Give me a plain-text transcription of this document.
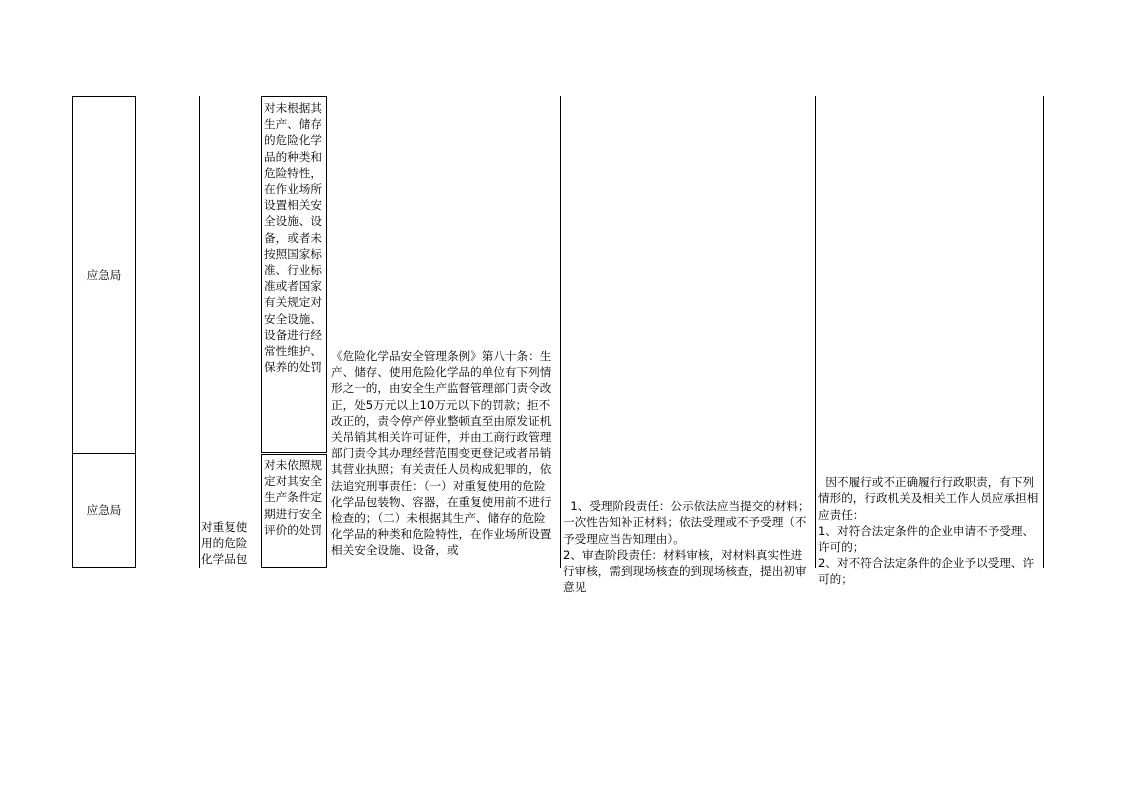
应急局
应急局
对未根据其生产、储存的危险化学品的种类和危险特性，在作业场所设置相关安全设施、设备，或者未按照国家标准、行业标准或者国家有关规定对安全设施、设备进行经常性维护、保养的处罚
对未依照规定对其安全生产条件定期进行安全评价的处罚
对重复使用的危险化学品包
《危险化学品安全管理条例》第八十条：生产、储存、使用危险化学品的单位有下列情形之一的，由安全生产监督管理部门责令改正，处5万元以上10万元以下的罚款；拒不改正的，责令停产停业整顿直至由原发证机关吊销其相关许可证件，并由工商行政管理部门责令其办理经营范围变更登记或者吊销其营业执照；有关责任人员构成犯罪的，依法追究刑事责任：（一）对重复使用的危险化学品包装物、容器，在重复使用前不进行检查的；（二）未根据其生产、储存的危险化学品的种类和危险特性，在作业场所设置相关安全设施、设备，或

1、受理阶段责任：公示依法应当提交的材料；一次性告知补正材料；依法受理或不予受理（不予受理应当告知理由）。
2、审查阶段责任：材料审核，对材料真实性进行审核，需到现场核查的到现场核查，提出初审意见

因不履行或不正确履行行政职责，有下列情形的，行政机关及相关工作人员应承担相应责任：
1、对符合法定条件的企业申请不予受理、许可的；
2、对不符合法定条件的企业予以受理、许可的；
